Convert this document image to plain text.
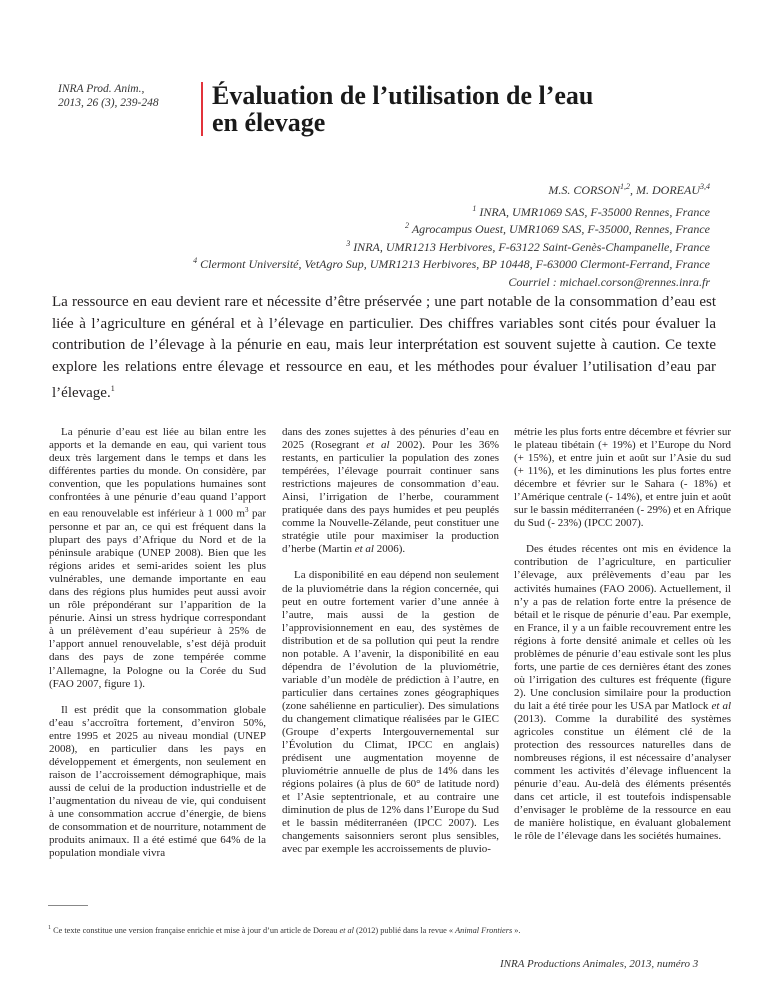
INRA Prod. Anim.,
2013, 26 (3), 239-248 Évaluation de l’utilisation de l’eau
en élevage
M.S. CORSON$^{1,2}$, M. DOREAU$^{3,4}$
$^1$ INRA, UMR1069 SAS, F-35000 Rennes, France
$^2$ Agrocampus Ouest, UMR1069 SAS, F-35000, Rennes, France
$^3$ INRA, UMR1213 Herbivores, F-63122 Saint-Genès-Champanelle, France
$^4$ Clermont Université, VetAgro Sup, UMR1213 Herbivores, BP 10448, F-63000 Clermont-Ferrand, France
Courriel : michael.corson@rennes.inra.fr

La ressource en eau devient rare et nécessite d’être préservée ; une part notable de la consommation d’eau est liée à l’agriculture en général et à l’élevage en particulier. Des chiffres variables sont cités pour évaluer la contribution de l’élevage à la pénurie en eau, mais leur interprétation est souvent sujette à caution. Ce texte explore les relations entre élevage et ressource en eau, et les méthodes pour évaluer l’utilisation d’eau par l’élevage.$^1$

La pénurie d’eau est liée au bilan entre les apports et la demande en eau, qui varient tous deux très largement dans le temps et dans les différentes parties du monde. On considère, par convention, que les populations humaines sont confrontées à une pénurie d’eau quand l’apport en eau renouvelable est inférieur à 1 000 $m^3$ par personne et par an, ce qui est fréquent dans la plupart des pays d’Afrique du Nord et de la péninsule arabique (UNEP 2008). Bien que les régions arides et semi-arides soient les plus vulnérables, une demande importante en eau dans des régions plus humides peut aussi avoir un rôle prépondérant sur l’apparition de la pénurie. Ainsi un stress hydrique correspondant à un prélèvement d’eau supérieur à 25% de l’apport annuel renouvelable, s’est déjà produit dans des pays de zone tempérée comme l’Allemagne, la Pologne ou la Corée du Sud (FAO 2007, figure 1).

Il est prédit que la consommation globale d’eau s’accroîtra fortement, d’environ 50%, entre 1995 et 2025 au niveau mondial (UNEP 2008), en particulier dans les pays en développement et émergents, non seulement en raison de l’accroissement démographique, mais aussi de celui de la production industrielle et de l’augmentation du niveau de vie, qui conduisent à une consommation accrue d’énergie, de biens de consommation et de nourriture, notamment de produits animaux. Il a été estimé que 64% de la population mondiale vivra

dans des zones sujettes à des pénuries d’eau en 2025 (Rosegrant et al 2002). Pour les 36% restants, en particulier la population des zones tempérées, l’élevage pourrait continuer sans restrictions majeures de consommation d’eau. Ainsi, l’irrigation de l’herbe, couramment pratiquée dans des pays humides et peu peuplés comme la Nouvelle-Zélande, peut constituer une stratégie utile pour maximiser la production d’herbe (Martin et al 2006).

La disponibilité en eau dépend non seulement de la pluviométrie dans la région concernée, qui peut en outre fortement varier d’une année à l’autre, mais aussi de la gestion de l’approvisionnement en eau, des systèmes de distribution et de sa pollution qui peut la rendre non potable. A l’avenir, la disponibilité en eau dépendra de l’évolution de la pluviométrie, variable d’un modèle de prédiction à l’autre, en particulier dans certaines zones géographiques (zone sahélienne en particulier). Des simulations du changement climatique réalisées par le GIEC (Groupe d’experts Intergouvernemental sur l’Évolution du Climat, IPCC en anglais) prédisent une augmentation moyenne de pluviométrie annuelle de plus de 14% dans les régions polaires (à plus de 60° de latitude nord) et l’Asie septentrionale, et au contraire une diminution de plus de 12% dans l’Europe du Sud et le bassin méditerranéen (IPCC 2007). Les changements saisonniers seront plus sensibles, avec par exemple les accroissements de pluvio-

métrie les plus forts entre décembre et février sur le plateau tibétain (+ 19%) et l’Europe du Nord (+ 15%), et entre juin et août sur l’Asie du sud (+ 11%), et les diminutions les plus fortes entre décembre et février sur le Sahara (- 18%) et l’Amérique centrale (- 14%), et entre juin et août sur le bassin méditerranéen (- 29%) et en Afrique du Sud (- 23%) (IPCC 2007).

Des études récentes ont mis en évidence la contribution de l’agriculture, en particulier l’élevage, aux prélèvements d’eau par les activités humaines (FAO 2006). Actuellement, il n’y a pas de relation forte entre la présence de bétail et le risque de pénurie d’eau. Par exemple, en France, il y a un faible recouvrement entre les régions à forte densité animale et celles où les problèmes de pénurie d’eau estivale sont les plus forts, une partie de ces dernières étant des zones où l’irrigation des cultures est fréquente (figure 2). Une conclusion similaire pour la production du lait a été tirée pour les USA par Matlock et al (2013). Comme la durabilité des systèmes agricoles constitue un élément clé de la protection des ressources naturelles dans de nombreuses régions, il est nécessaire d’analyser comment les activités d’élevage influencent la pénurie d’eau. Au-delà des éléments présentés dans cet article, il est toutefois indispensable d’envisager le problème de la ressource en eau de manière holistique, en évaluant globalement le rôle de l’élevage dans les sociétés humaines.

$^1$ Ce texte constitue une version française enrichie et mise à jour d’un article de Doreau et al (2012) publié dans la revue « Animal Frontiers ».
INRA Productions Animales, 2013, numéro 3
